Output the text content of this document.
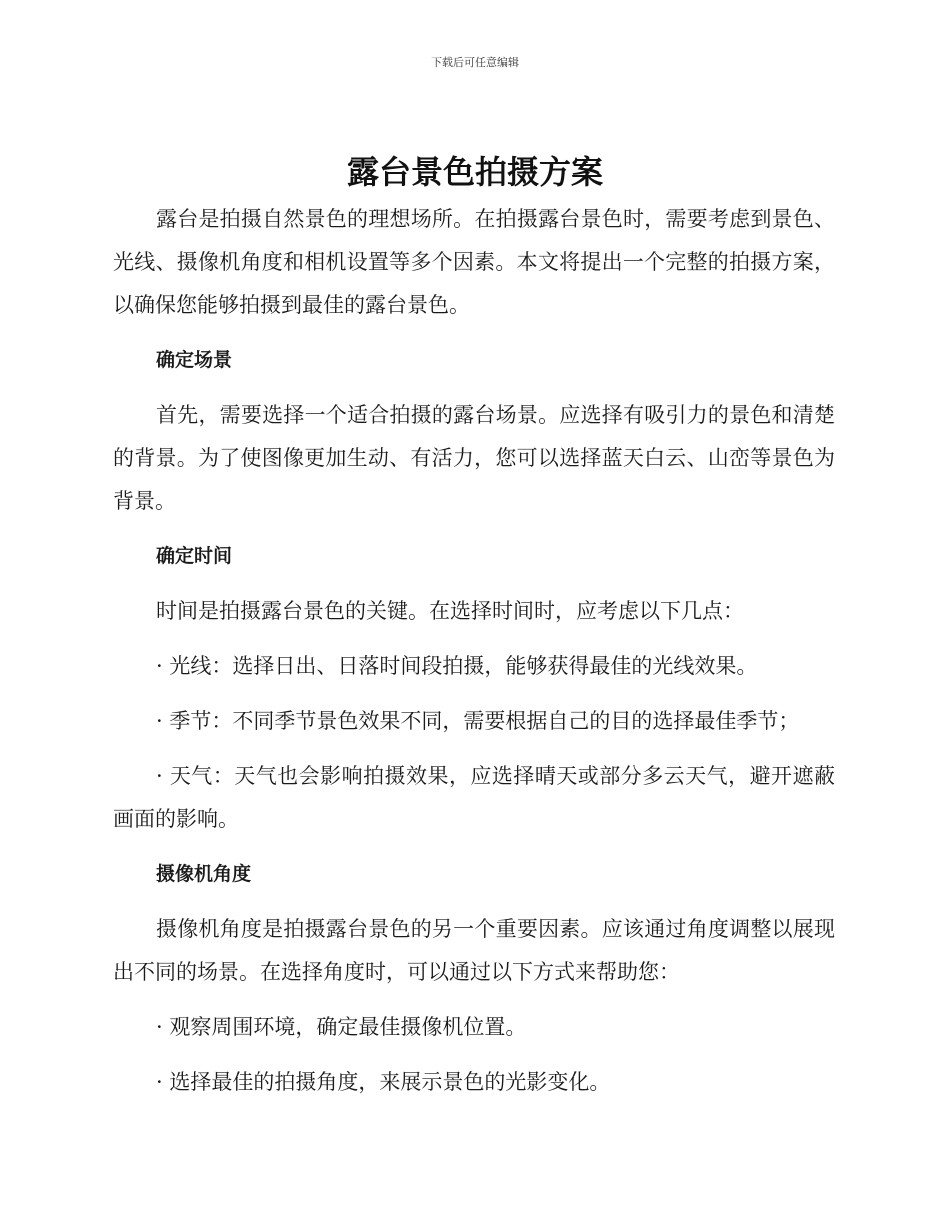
下载后可任意编辑
露台景色拍摄方案

露台是拍摄自然景色的理想场所。在拍摄露台景色时，需要考虑到景色、光线、摄像机角度和相机设置等多个因素。本文将提出一个完整的拍摄方案，以确保您能够拍摄到最佳的露台景色。

确定场景

首先，需要选择一个适合拍摄的露台场景。应选择有吸引力的景色和清楚的背景。为了使图像更加生动、有活力，您可以选择蓝天白云、山峦等景色为背景。

确定时间

时间是拍摄露台景色的关键。在选择时间时，应考虑以下几点：

· 光线：选择日出、日落时间段拍摄，能够获得最佳的光线效果。

· 季节：不同季节景色效果不同，需要根据自己的目的选择最佳季节；

· 天气：天气也会影响拍摄效果，应选择晴天或部分多云天气，避开遮蔽画面的影响。

摄像机角度

摄像机角度是拍摄露台景色的另一个重要因素。应该通过角度调整以展现出不同的场景。在选择角度时，可以通过以下方式来帮助您：

· 观察周围环境，确定最佳摄像机位置。

· 选择最佳的拍摄角度，来展示景色的光影变化。
